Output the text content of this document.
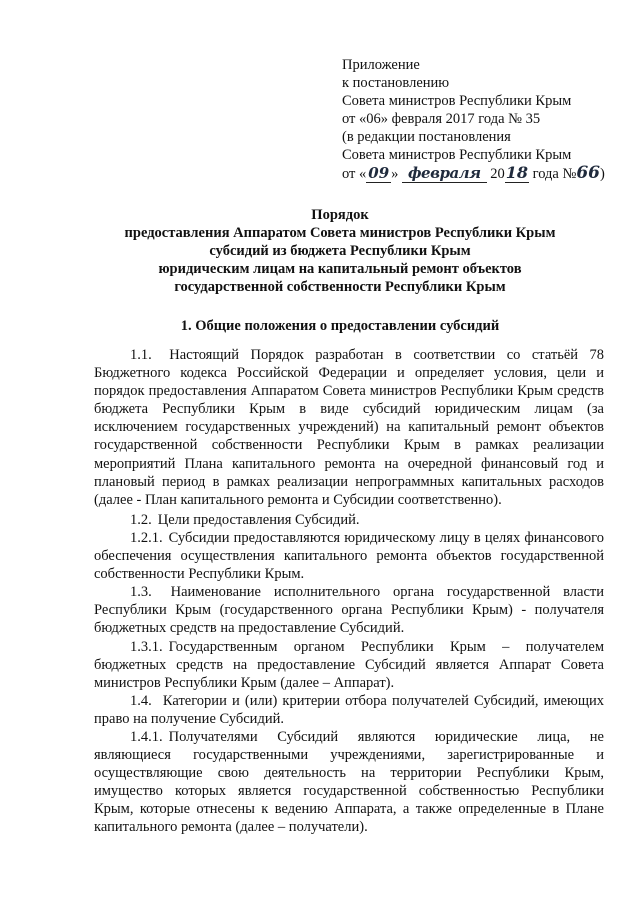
Приложение
к постановлению
Совета министров Республики Крым
от «06» февраля 2017 года № 35
(в редакции постановления
Совета министров Республики Крым
от « 09 » февраля 2018 года №66)
Порядок
предоставления Аппаратом Совета министров Республики Крым
субсидий из бюджета Республики Крым
юридическим лицам на капитальный ремонт объектов
государственной собственности Республики Крым
1. Общие положения о предоставлении субсидий

1.1. Настоящий Порядок разработан в соответствии со статьёй 78 Бюджетного кодекса Российской Федерации и определяет условия, цели и порядок предоставления Аппаратом Совета министров Республики Крым средств бюджета Республики Крым в виде субсидий юридическим лицам (за исключением государственных учреждений) на капитальный ремонт объектов государственной собственности Республики Крым в рамках реализации мероприятий Плана капитального ремонта на очередной финансовый год и плановый период в рамках реализации непрограммных капитальных расходов (далее - План капитального ремонта и Субсидии соответственно).

1.2. Цели предоставления Субсидий.

1.2.1. Субсидии предоставляются юридическому лицу в целях финансового обеспечения осуществления капитального ремонта объектов государственной собственности Республики Крым.

1.3. Наименование исполнительного органа государственной власти Республики Крым (государственного органа Республики Крым) - получателя бюджетных средств на предоставление Субсидий.

1.3.1. Государственным органом Республики Крым – получателем бюджетных средств на предоставление Субсидий является Аппарат Совета министров Республики Крым (далее – Аппарат).

1.4. Категории и (или) критерии отбора получателей Субсидий, имеющих право на получение Субсидий.

1.4.1. Получателями Субсидий являются юридические лица, не являющиеся государственными учреждениями, зарегистрированные и осуществляющие свою деятельность на территории Республики Крым, имущество которых является государственной собственностью Республики Крым, которые отнесены к ведению Аппарата, а также определенные в Плане капитального ремонта (далее – получатели).
